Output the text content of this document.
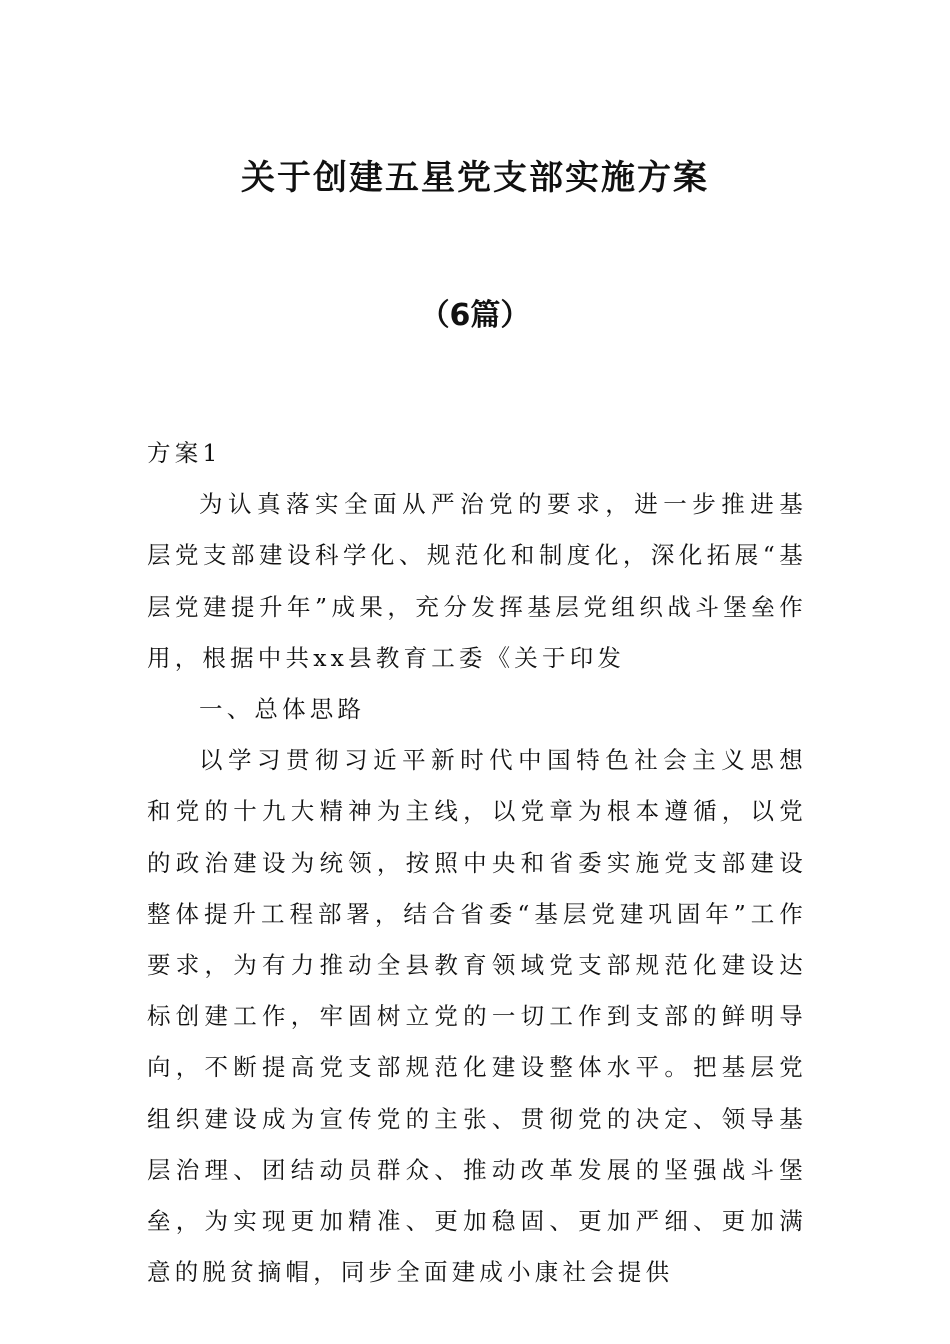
关于创建五星党支部实施方案
（6篇）

方案1

为认真落实全面从严治党的要求，进一步推进基层党支部建设科学化、规范化和制度化，深化拓展“基层党建提升年”成果，充分发挥基层党组织战斗堡垒作用，根据中共xx县教育工委《关于印发

一、总体思路

以学习贯彻习近平新时代中国特色社会主义思想和党的十九大精神为主线，以党章为根本遵循，以党的政治建设为统领，按照中央和省委实施党支部建设整体提升工程部署，结合省委“基层党建巩固年”工作要求，为有力推动全县教育领域党支部规范化建设达标创建工作，牢固树立党的一切工作到支部的鲜明导向，不断提高党支部规范化建设整体水平。把基层党组织建设成为宣传党的主张、贯彻党的决定、领导基层治理、团结动员群众、推动改革发展的坚强战斗堡垒，为实现更加精准、更加稳固、更加严细、更加满意的脱贫摘帽，同步全面建成小康社会提供
